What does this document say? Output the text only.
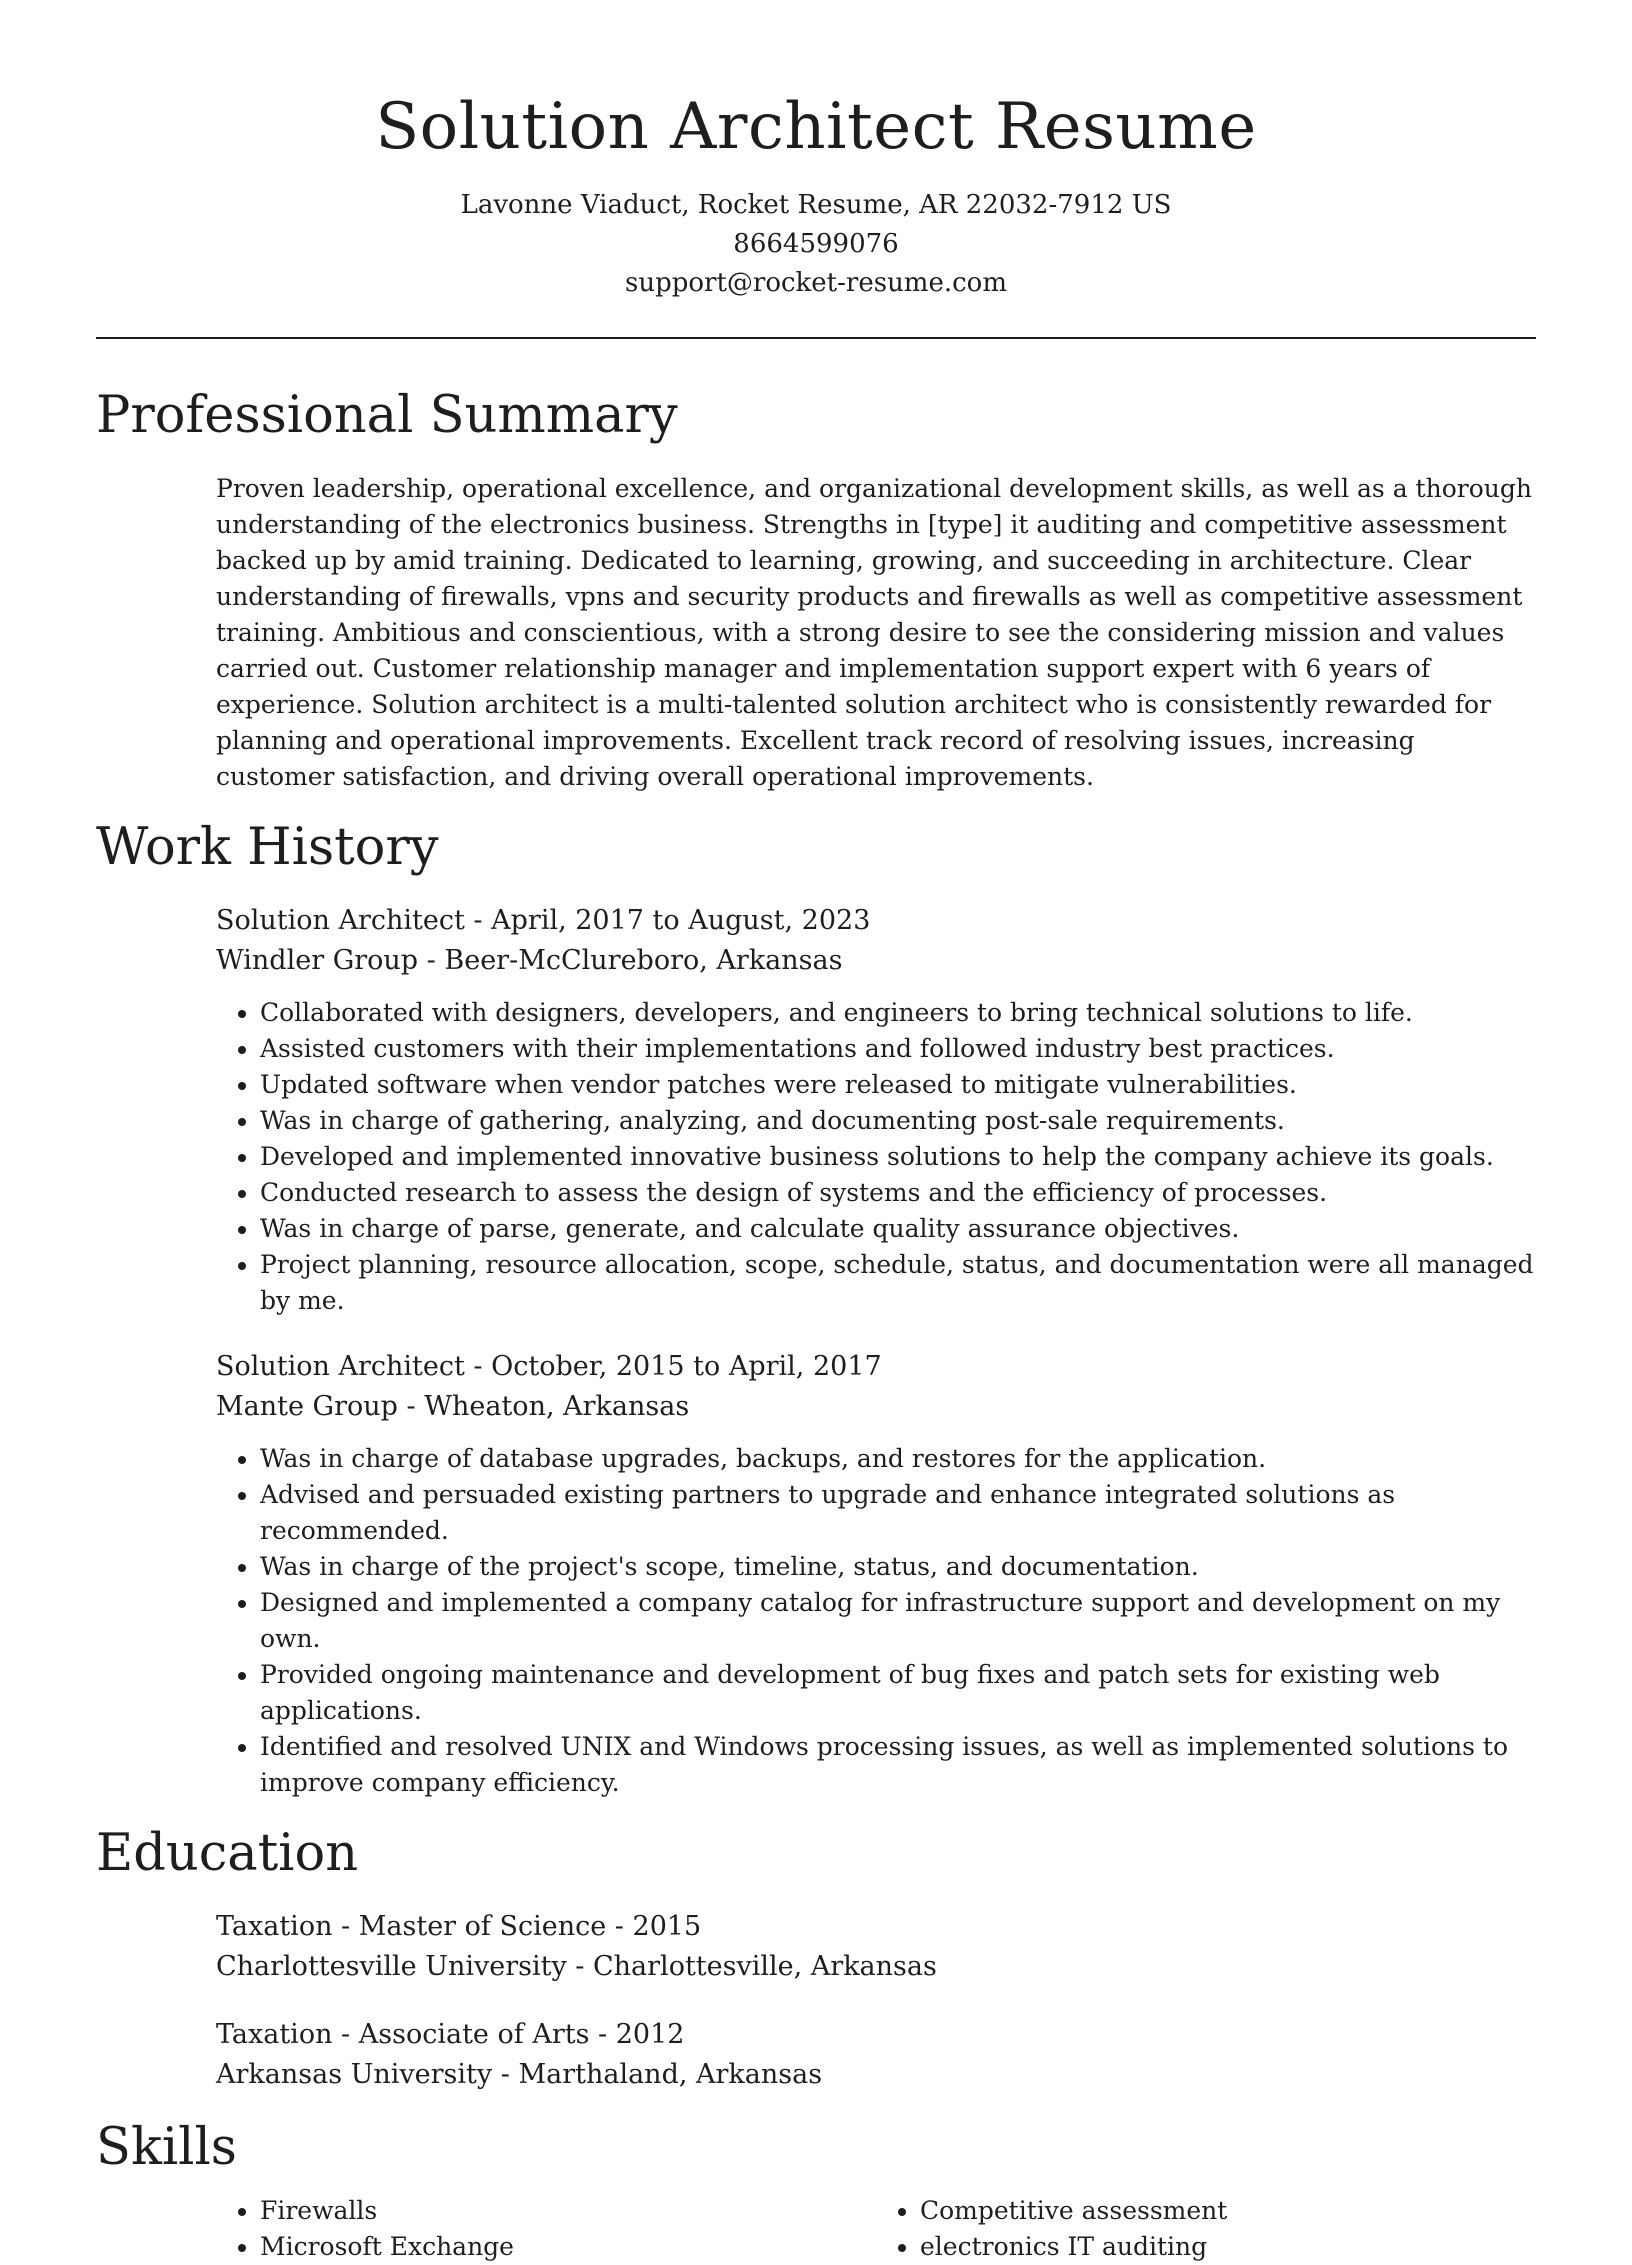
Solution Architect Resume
Lavonne Viaduct, Rocket Resume, AR 22032-7912 US
8664599076
support@rocket-resume.com
Professional Summary
Proven leadership, operational excellence, and organizational development skills, as well as a thorough understanding of the electronics business. Strengths in [type] it auditing and competitive assessment backed up by amid training. Dedicated to learning, growing, and succeeding in architecture. Clear understanding of firewalls, vpns and security products and firewalls as well as competitive assessment training. Ambitious and conscientious, with a strong desire to see the considering mission and values carried out. Customer relationship manager and implementation support expert with 6 years of experience. Solution architect is a multi-talented solution architect who is consistently rewarded for planning and operational improvements. Excellent track record of resolving issues, increasing customer satisfaction, and driving overall operational improvements.
Work History
Solution Architect - April, 2017 to August, 2023
Windler Group - Beer-McClureboro, Arkansas
• Collaborated with designers, developers, and engineers to bring technical solutions to life.
• Assisted customers with their implementations and followed industry best practices.
• Updated software when vendor patches were released to mitigate vulnerabilities.
• Was in charge of gathering, analyzing, and documenting post-sale requirements.
• Developed and implemented innovative business solutions to help the company achieve its goals.
• Conducted research to assess the design of systems and the efficiency of processes.
• Was in charge of parse, generate, and calculate quality assurance objectives.
• Project planning, resource allocation, scope, schedule, status, and documentation were all managed by me.
Solution Architect - October, 2015 to April, 2017
Mante Group - Wheaton, Arkansas
• Was in charge of database upgrades, backups, and restores for the application.
• Advised and persuaded existing partners to upgrade and enhance integrated solutions as recommended.
• Was in charge of the project's scope, timeline, status, and documentation.
• Designed and implemented a company catalog for infrastructure support and development on my own.
• Provided ongoing maintenance and development of bug fixes and patch sets for existing web applications.
• Identified and resolved UNIX and Windows processing issues, as well as implemented solutions to improve company efficiency.
Education
Taxation - Master of Science - 2015
Charlottesville University - Charlottesville, Arkansas
Taxation - Associate of Arts - 2012
Arkansas University - Marthaland, Arkansas
Skills
• Firewalls
• Microsoft Exchange
• Competitive assessment
• electronics IT auditing
